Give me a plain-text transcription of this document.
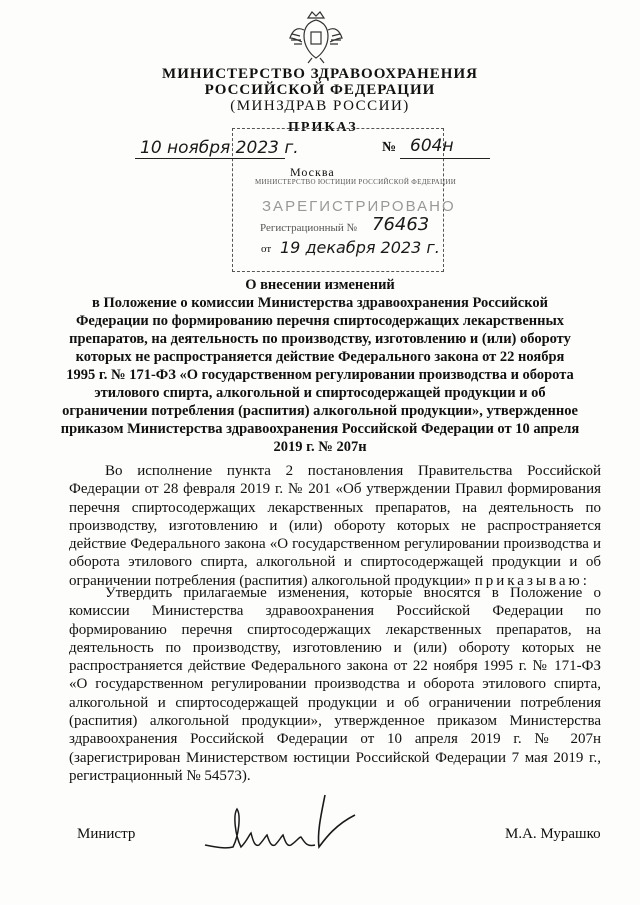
МИНИСТЕРСТВО ЗДРАВООХРАНЕНИЯ
РОССИЙСКОЙ ФЕДЕРАЦИИ
(МИНЗДРАВ РОССИИ)
ПРИКАЗ
Москва
МИНИСТЕРСТВО ЮСТИЦИИ РОССИЙСКОЙ ФЕДЕРАЦИИ
ЗАРЕГИСТРИРОВАНО
Регистрационный № 76463
от 19 декабря 2023 г.
10 ноября 2023 г.	№ 604н
О внесении изменений
в Положение о комиссии Министерства здравоохранения Российской Федерации по формированию перечня спиртосодержащих лекарственных препаратов, на деятельность по производству, изготовлению и (или) обороту которых не распространяется действие Федерального закона от 22 ноября 1995 г. № 171-ФЗ «О государственном регулировании производства и оборота этилового спирта, алкогольной и спиртосодержащей продукции и об ограничении потребления (распития) алкогольной продукции», утвержденное приказом Министерства здравоохранения Российской Федерации от 10 апреля 2019 г. № 207н
Во исполнение пункта 2 постановления Правительства Российской Федерации от 28 февраля 2019 г. № 201 «Об утверждении Правил формирования перечня спиртосодержащих лекарственных препаратов, на деятельность по производству, изготовлению и (или) обороту которых не распространяется действие Федерального закона «О государственном регулировании производства и оборота этилового спирта, алкогольной и спиртосодержащей продукции и об ограничении потребления (распития) алкогольной продукции» приказываю:
Утвердить прилагаемые изменения, которые вносятся в Положение о комиссии Министерства здравоохранения Российской Федерации по формированию перечня спиртосодержащих лекарственных препаратов, на деятельность по производству, изготовлению и (или) обороту которых не распространяется действие Федерального закона от 22 ноября 1995 г. № 171-ФЗ «О государственном регулировании производства и оборота этилового спирта, алкогольной и спиртосодержащей продукции и об ограничении потребления (распития) алкогольной продукции», утвержденное приказом Министерства здравоохранения Российской Федерации от 10 апреля 2019 г. № 207н (зарегистрирован Министерством юстиции Российской Федерации 7 мая 2019 г., регистрационный № 54573).
Министр	М.А. Мурашко
